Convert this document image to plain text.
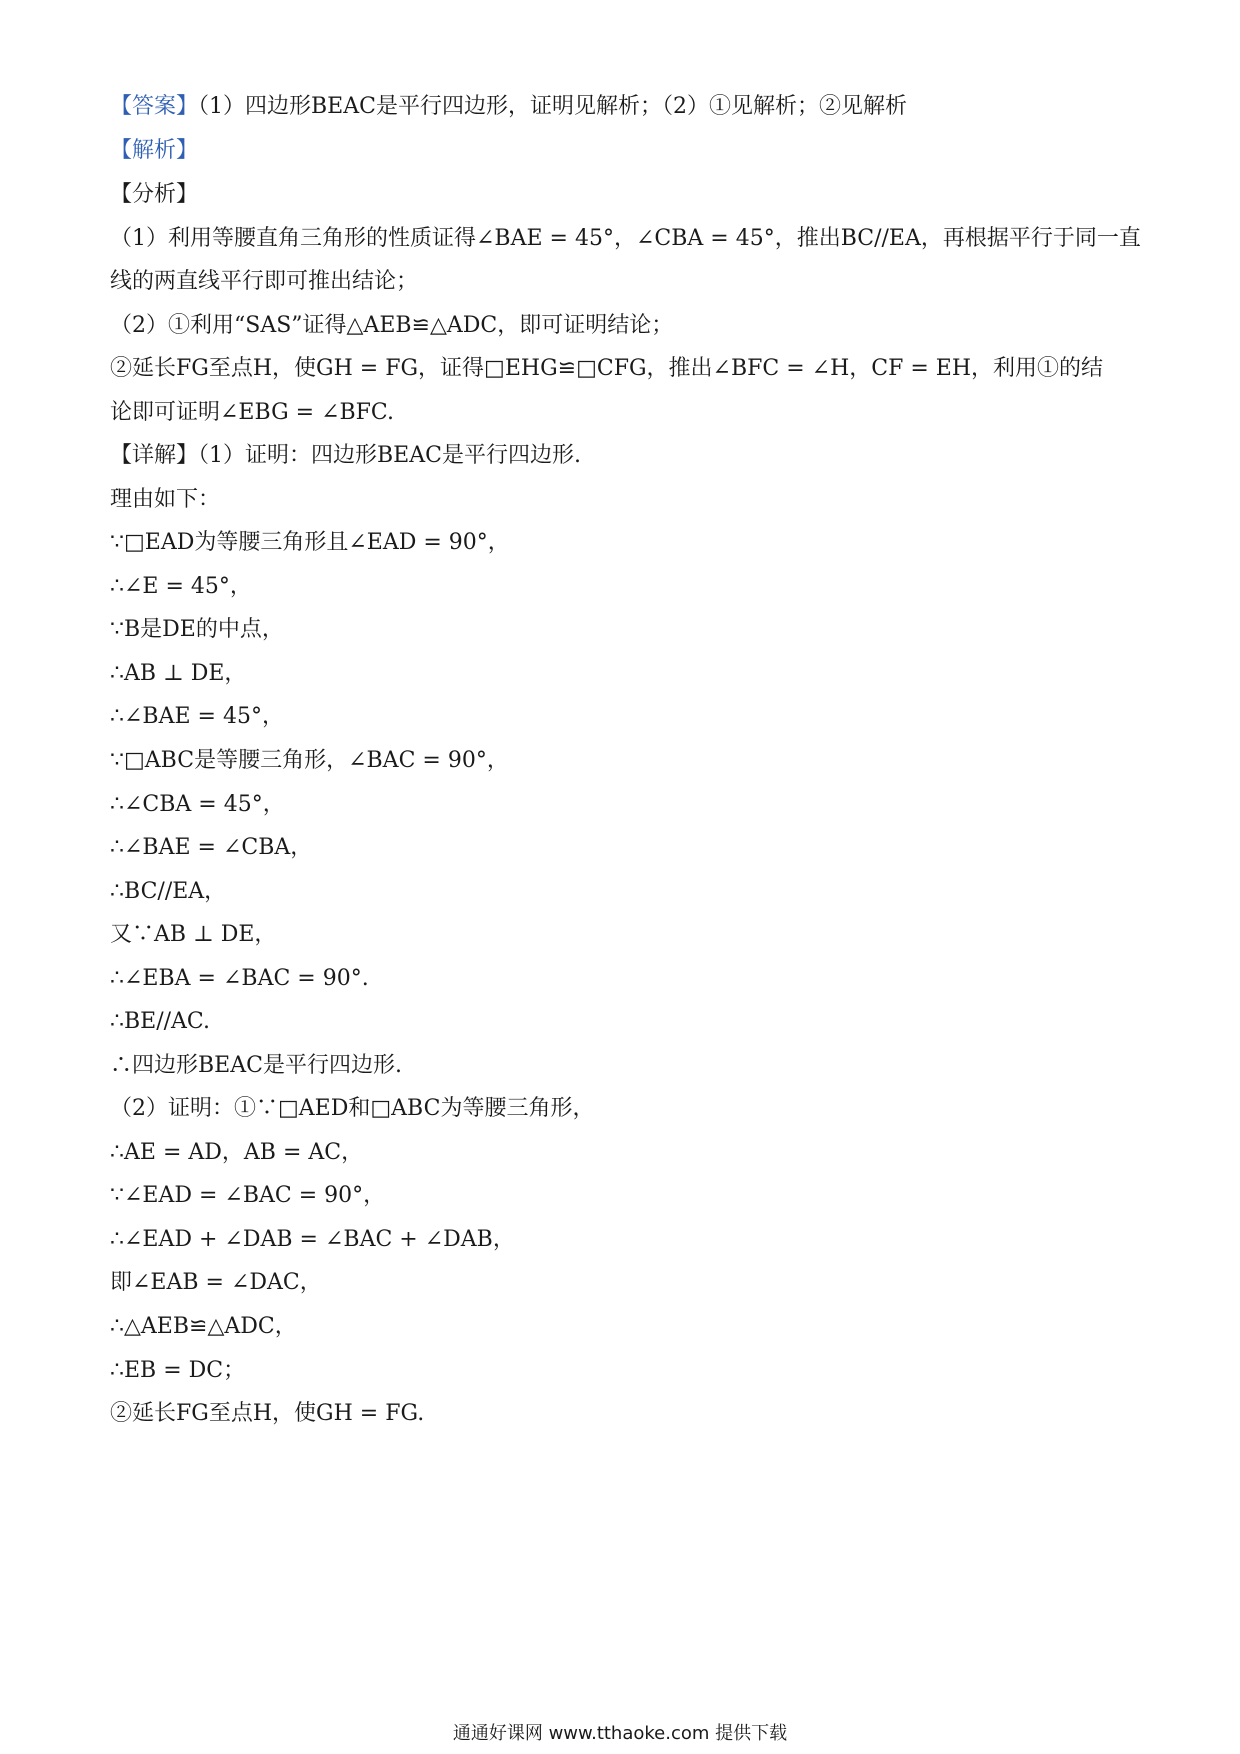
【答案】（1）四边形BEAC是平行四边形，证明见解析；（2）①见解析；②见解析
【解析】
【分析】
（1）利用等腰直角三角形的性质证得∠BAE = 45°，∠CBA = 45°，推出BC//EA，再根据平行于同一直
线的两直线平行即可推出结论；
（2）①利用“SAS”证得△AEB≌△ADC，即可证明结论；
②延长FG至点H，使GH = FG，证得□EHG≌□CFG，推出∠BFC = ∠H，CF = EH，利用①的结
论即可证明∠EBG = ∠BFC.
【详解】（1）证明：四边形BEAC是平行四边形.
理由如下：
∵□EAD为等腰三角形且∠EAD = 90°，
∴∠E = 45°，
∵B是DE的中点，
∴AB ⊥ DE，
∴∠BAE = 45°，
∵□ABC是等腰三角形，∠BAC = 90°，
∴∠CBA = 45°，
∴∠BAE = ∠CBA，
∴BC//EA，
又∵AB ⊥ DE，
∴∠EBA = ∠BAC = 90°.
∴BE//AC.
∴四边形BEAC是平行四边形.
（2）证明：①∵□AED和□ABC为等腰三角形，
∴AE = AD，AB = AC，
∵∠EAD = ∠BAC = 90°，
∴∠EAD + ∠DAB = ∠BAC + ∠DAB，
即∠EAB = ∠DAC，
∴△AEB≌△ADC，
∴EB = DC；
②延长FG至点H，使GH = FG.
通通好课网 www.tthaoke.com 提供下载
